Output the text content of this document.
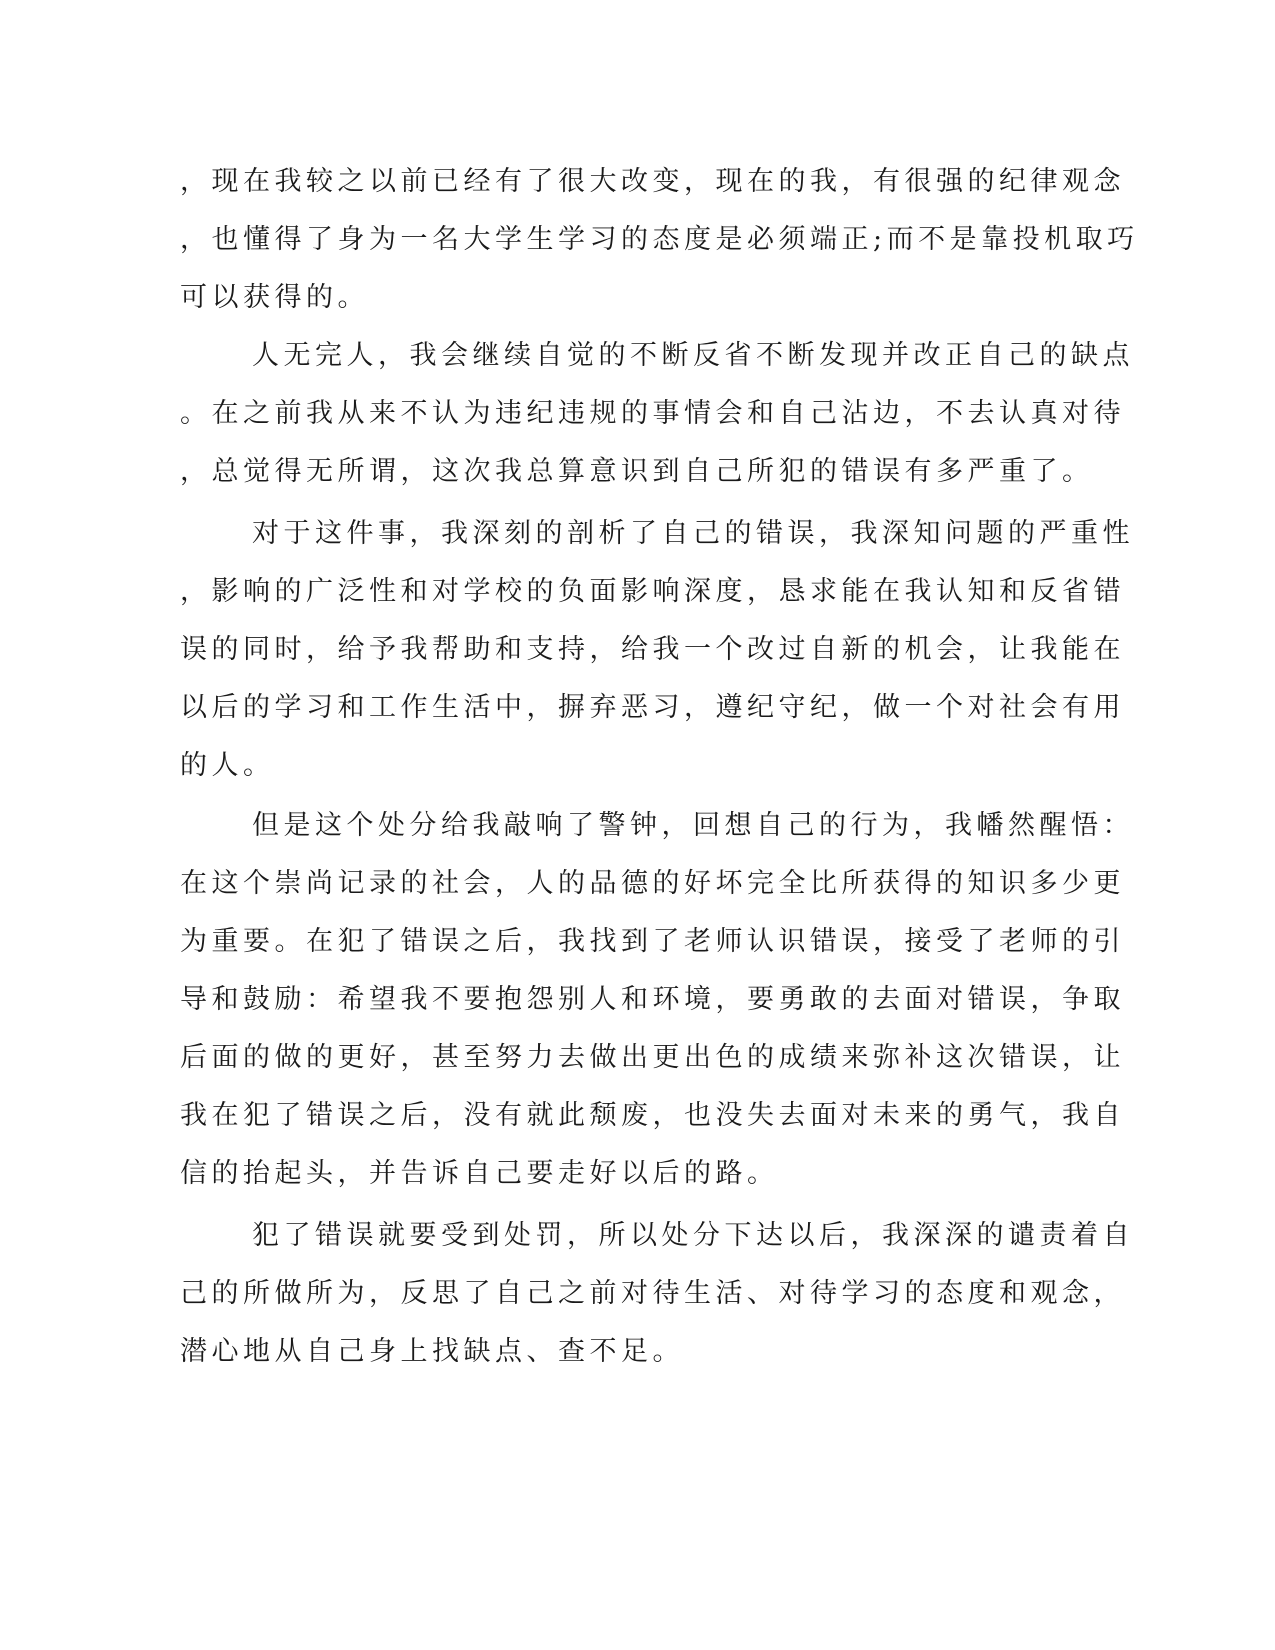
，现在我较之以前已经有了很大改变，现在的我，有很强的纪律观念

，也懂得了身为一名大学生学习的态度是必须端正;而不是靠投机取巧

可以获得的。

人无完人，我会继续自觉的不断反省不断发现并改正自己的缺点

。在之前我从来不认为违纪违规的事情会和自己沾边，不去认真对待

，总觉得无所谓，这次我总算意识到自己所犯的错误有多严重了。

对于这件事，我深刻的剖析了自己的错误，我深知问题的严重性

，影响的广泛性和对学校的负面影响深度，恳求能在我认知和反省错

误的同时，给予我帮助和支持，给我一个改过自新的机会，让我能在

以后的学习和工作生活中，摒弃恶习，遵纪守纪，做一个对社会有用

的人。

但是这个处分给我敲响了警钟，回想自己的行为，我幡然醒悟：

在这个崇尚记录的社会，人的品德的好坏完全比所获得的知识多少更

为重要。在犯了错误之后，我找到了老师认识错误，接受了老师的引

导和鼓励：希望我不要抱怨别人和环境，要勇敢的去面对错误，争取

后面的做的更好，甚至努力去做出更出色的成绩来弥补这次错误，让

我在犯了错误之后，没有就此颓废，也没失去面对未来的勇气，我自

信的抬起头，并告诉自己要走好以后的路。

犯了错误就要受到处罚，所以处分下达以后，我深深的谴责着自

己的所做所为，反思了自己之前对待生活、对待学习的态度和观念，

潜心地从自己身上找缺点、查不足。
